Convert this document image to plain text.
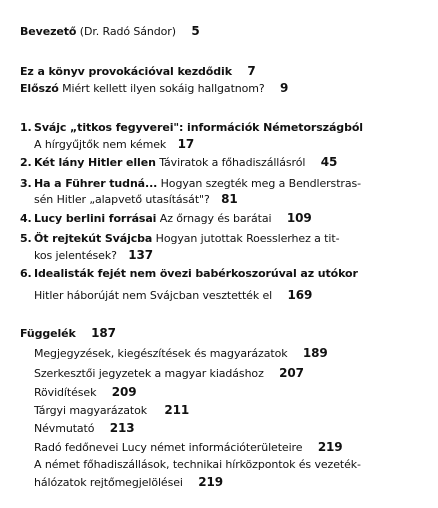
Bevezető (Dr. Radó Sándor) 5
Ez a könyv provokációval kezdődik 7
Előszó Miért kellett ilyen sokáig hallgatnom? 9
1. Svájc „titkos fegyverei": információk Németországból
A hírgyűjtők nem kémek 17
2. Két lány Hitler ellen Táviratok a főhadiszállásról 45
3. Ha a Führer tudná... Hogyan szegték meg a Bendlerstras-
sén Hitler „alapvető utasítását"? 81
4. Lucy berlini forrásai Az őrnagy és barátai 109
5. Öt rejtekút Svájcba Hogyan jutottak Roesslerhez a tit-
kos jelentések? 137
6. Idealisták fejét nem övezi babérkoszorúval az utókor
Hitler háborúját nem Svájcban vesztették el 169
Függelék 187
Megjegyzések, kiegészítések és magyarázatok 189
Szerkesztői jegyzetek a magyar kiadáshoz 207
Rövidítések 209
Tárgyi magyarázatok 211
Névmutató 213
Radó fedőnevei Lucy német információterületeire 219
A német főhadiszállások, technikai hírközpontok és vezeték-
hálózatok rejtőmegjelölései 219
